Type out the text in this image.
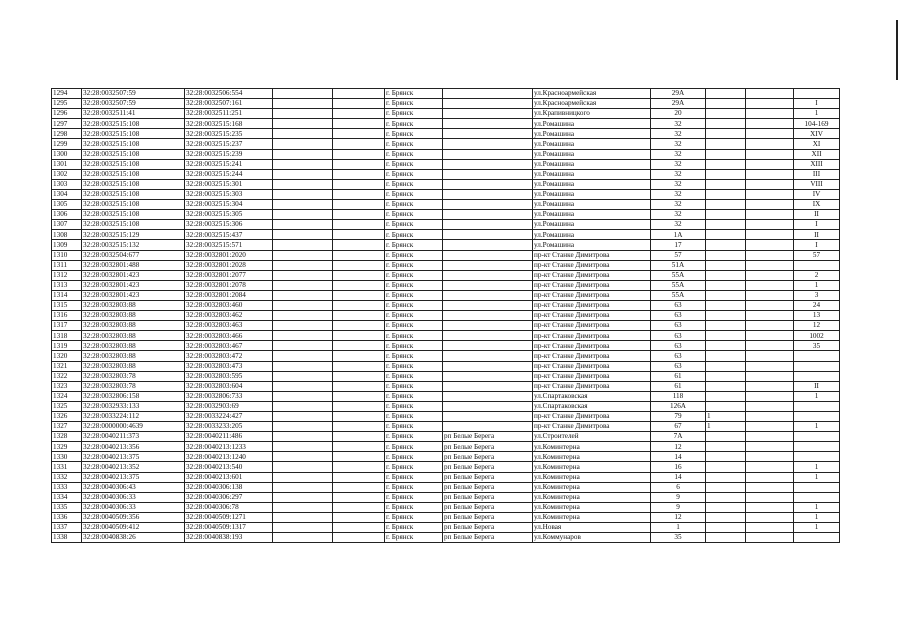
1294	32:28:0032507:59	32:28:0032506:554			г. Брянск		ул.Красноармейская	29А			
1295	32:28:0032507:59	32:28:0032507:161			г. Брянск		ул.Красноармейская	29А			I
1296	32:28:0032511:41	32:28:0032511:251			г. Брянск		ул.Крапивницкого	20			1
1297	32:28:0032515:108	32:28:0032515:168			г. Брянск		ул.Ромашина	32			104-169
1298	32:28:0032515:108	32:28:0032515:235			г. Брянск		ул.Ромашина	32			XIV
1299	32:28:0032515:108	32:28:0032515:237			г. Брянск		ул.Ромашина	32			XI
1300	32:28:0032515:108	32:28:0032515:239			г. Брянск		ул.Ромашина	32			XII
1301	32:28:0032515:108	32:28:0032515:241			г. Брянск		ул.Ромашина	32			XIII
1302	32:28:0032515:108	32:28:0032515:244			г. Брянск		ул.Ромашина	32			III
1303	32:28:0032515:108	32:28:0032515:301			г. Брянск		ул.Ромашина	32			VIII
1304	32:28:0032515:108	32:28:0032515:303			г. Брянск		ул.Ромашина	32			IV
1305	32:28:0032515:108	32:28:0032515:304			г. Брянск		ул.Ромашина	32			IX
1306	32:28:0032515:108	32:28:0032515:305			г. Брянск		ул.Ромашина	32			II
1307	32:28:0032515:108	32:28:0032515:306			г. Брянск		ул.Ромашина	32			I
1308	32:28:0032515:129	32:28:0032515:437			г. Брянск		ул.Ромашина	1А			II
1309	32:28:0032515:132	32:28:0032515:571			г. Брянск		ул.Ромашина	17			I
1310	32:28:0032504:677	32:28:0032801:2020			г. Брянск		пр-кт Станке Димитрова	57			57
1311	32:28:0032801:488	32:28:0032801:2028			г. Брянск		пр-кт Станке Димитрова	51А			
1312	32:28:0032801:423	32:28:0032801:2077			г. Брянск		пр-кт Станке Димитрова	55А			2
1313	32:28:0032801:423	32:28:0032801:2078			г. Брянск		пр-кт Станке Димитрова	55А			1
1314	32:28:0032801:423	32:28:0032801:2084			г. Брянск		пр-кт Станке Димитрова	55А			3
1315	32:28:0032803:88	32:28:0032803:460			г. Брянск		пр-кт Станке Димитрова	63			24
1316	32:28:0032803:88	32:28:0032803:462			г. Брянск		пр-кт Станке Димитрова	63			13
1317	32:28:0032803:88	32:28:0032803:463			г. Брянск		пр-кт Станке Димитрова	63			12
1318	32:28:0032803:88	32:28:0032803:466			г. Брянск		пр-кт Станке Димитрова	63			1002
1319	32:28:0032803:88	32:28:0032803:467			г. Брянск		пр-кт Станке Димитрова	63			35
1320	32:28:0032803:88	32:28:0032803:472			г. Брянск		пр-кт Станке Димитрова	63			
1321	32:28:0032803:88	32:28:0032803:473			г. Брянск		пр-кт Станке Димитрова	63			
1322	32:28:0032803:78	32:28:0032803:595			г. Брянск		пр-кт Станке Димитрова	61			
1323	32:28:0032803:78	32:28:0032803:604			г. Брянск		пр-кт Станке Димитрова	61			II
1324	32:28:0032806:158	32:28:0032806:733			г. Брянск		ул.Спартаковская	118			1
1325	32:28:0032933:133	32:28:0032903:69			г. Брянск		ул.Спартаковская	126А			
1326	32:28:0033224:112	32:28:0033224:427			г. Брянск		пр-кт Станке Димитрова	79	1		
1327	32:28:0000000:4639	32:28:0033233:205			г. Брянск		пр-кт Станке Димитрова	67	1		1
1328	32:28:0040211:373	32:28:0040211:486			г. Брянск	рп Белые Берега	ул.Строителей	7А			
1329	32:28:0040213:356	32:28:0040213:1233			г. Брянск	рп Белые Берега	ул.Коминтерна	12			
1330	32:28:0040213:375	32:28:0040213:1240			г. Брянск	рп Белые Берега	ул.Коминтерна	14			
1331	32:28:0040213:352	32:28:0040213:540			г. Брянск	рп Белые Берега	ул.Коминтерна	16			1
1332	32:28:0040213:375	32:28:0040213:601			г. Брянск	рп Белые Берега	ул.Коминтерна	14			1
1333	32:28:0040306:43	32:28:0040306:138			г. Брянск	рп Белые Берега	ул.Коминтерна	6			
1334	32:28:0040306:33	32:28:0040306:297			г. Брянск	рп Белые Берега	ул.Коминтерна	9			
1335	32:28:0040306:33	32:28:0040306:78			г. Брянск	рп Белые Берега	ул.Коминтерна	9			1
1336	32:28:0040509:356	32:28:0040509:1271			г. Брянск	рп Белые Берега	ул.Коминтерна	12			1
1337	32:28:0040509:412	32:28:0040509:1317			г. Брянск	рп Белые Берега	ул.Новая	1			1
1338	32:28:0040838:26	32:28:0040838:193			г. Брянск	рп Белые Берега	ул.Коммунаров	35			
